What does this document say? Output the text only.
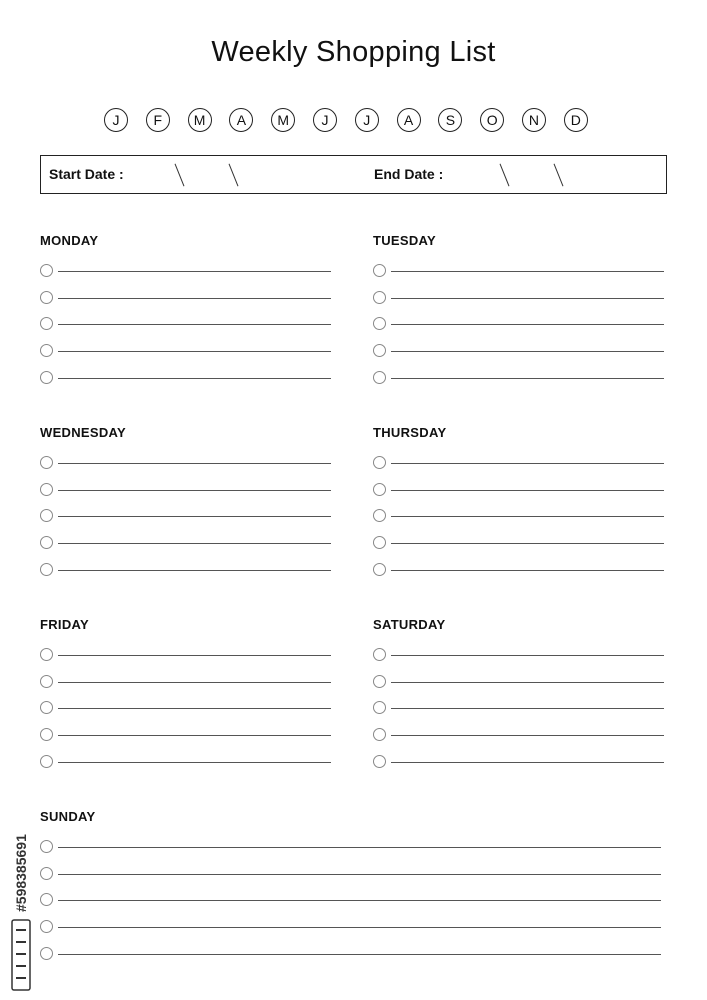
Weekly Shopping List
J	F	M	A	M	J	J	A	S	O	N	D
Start Date :	End Date :
MONDAY	TUESDAY
WEDNESDAY	THURSDAY
FRIDAY	SATURDAY
SUNDAY
#598385691
